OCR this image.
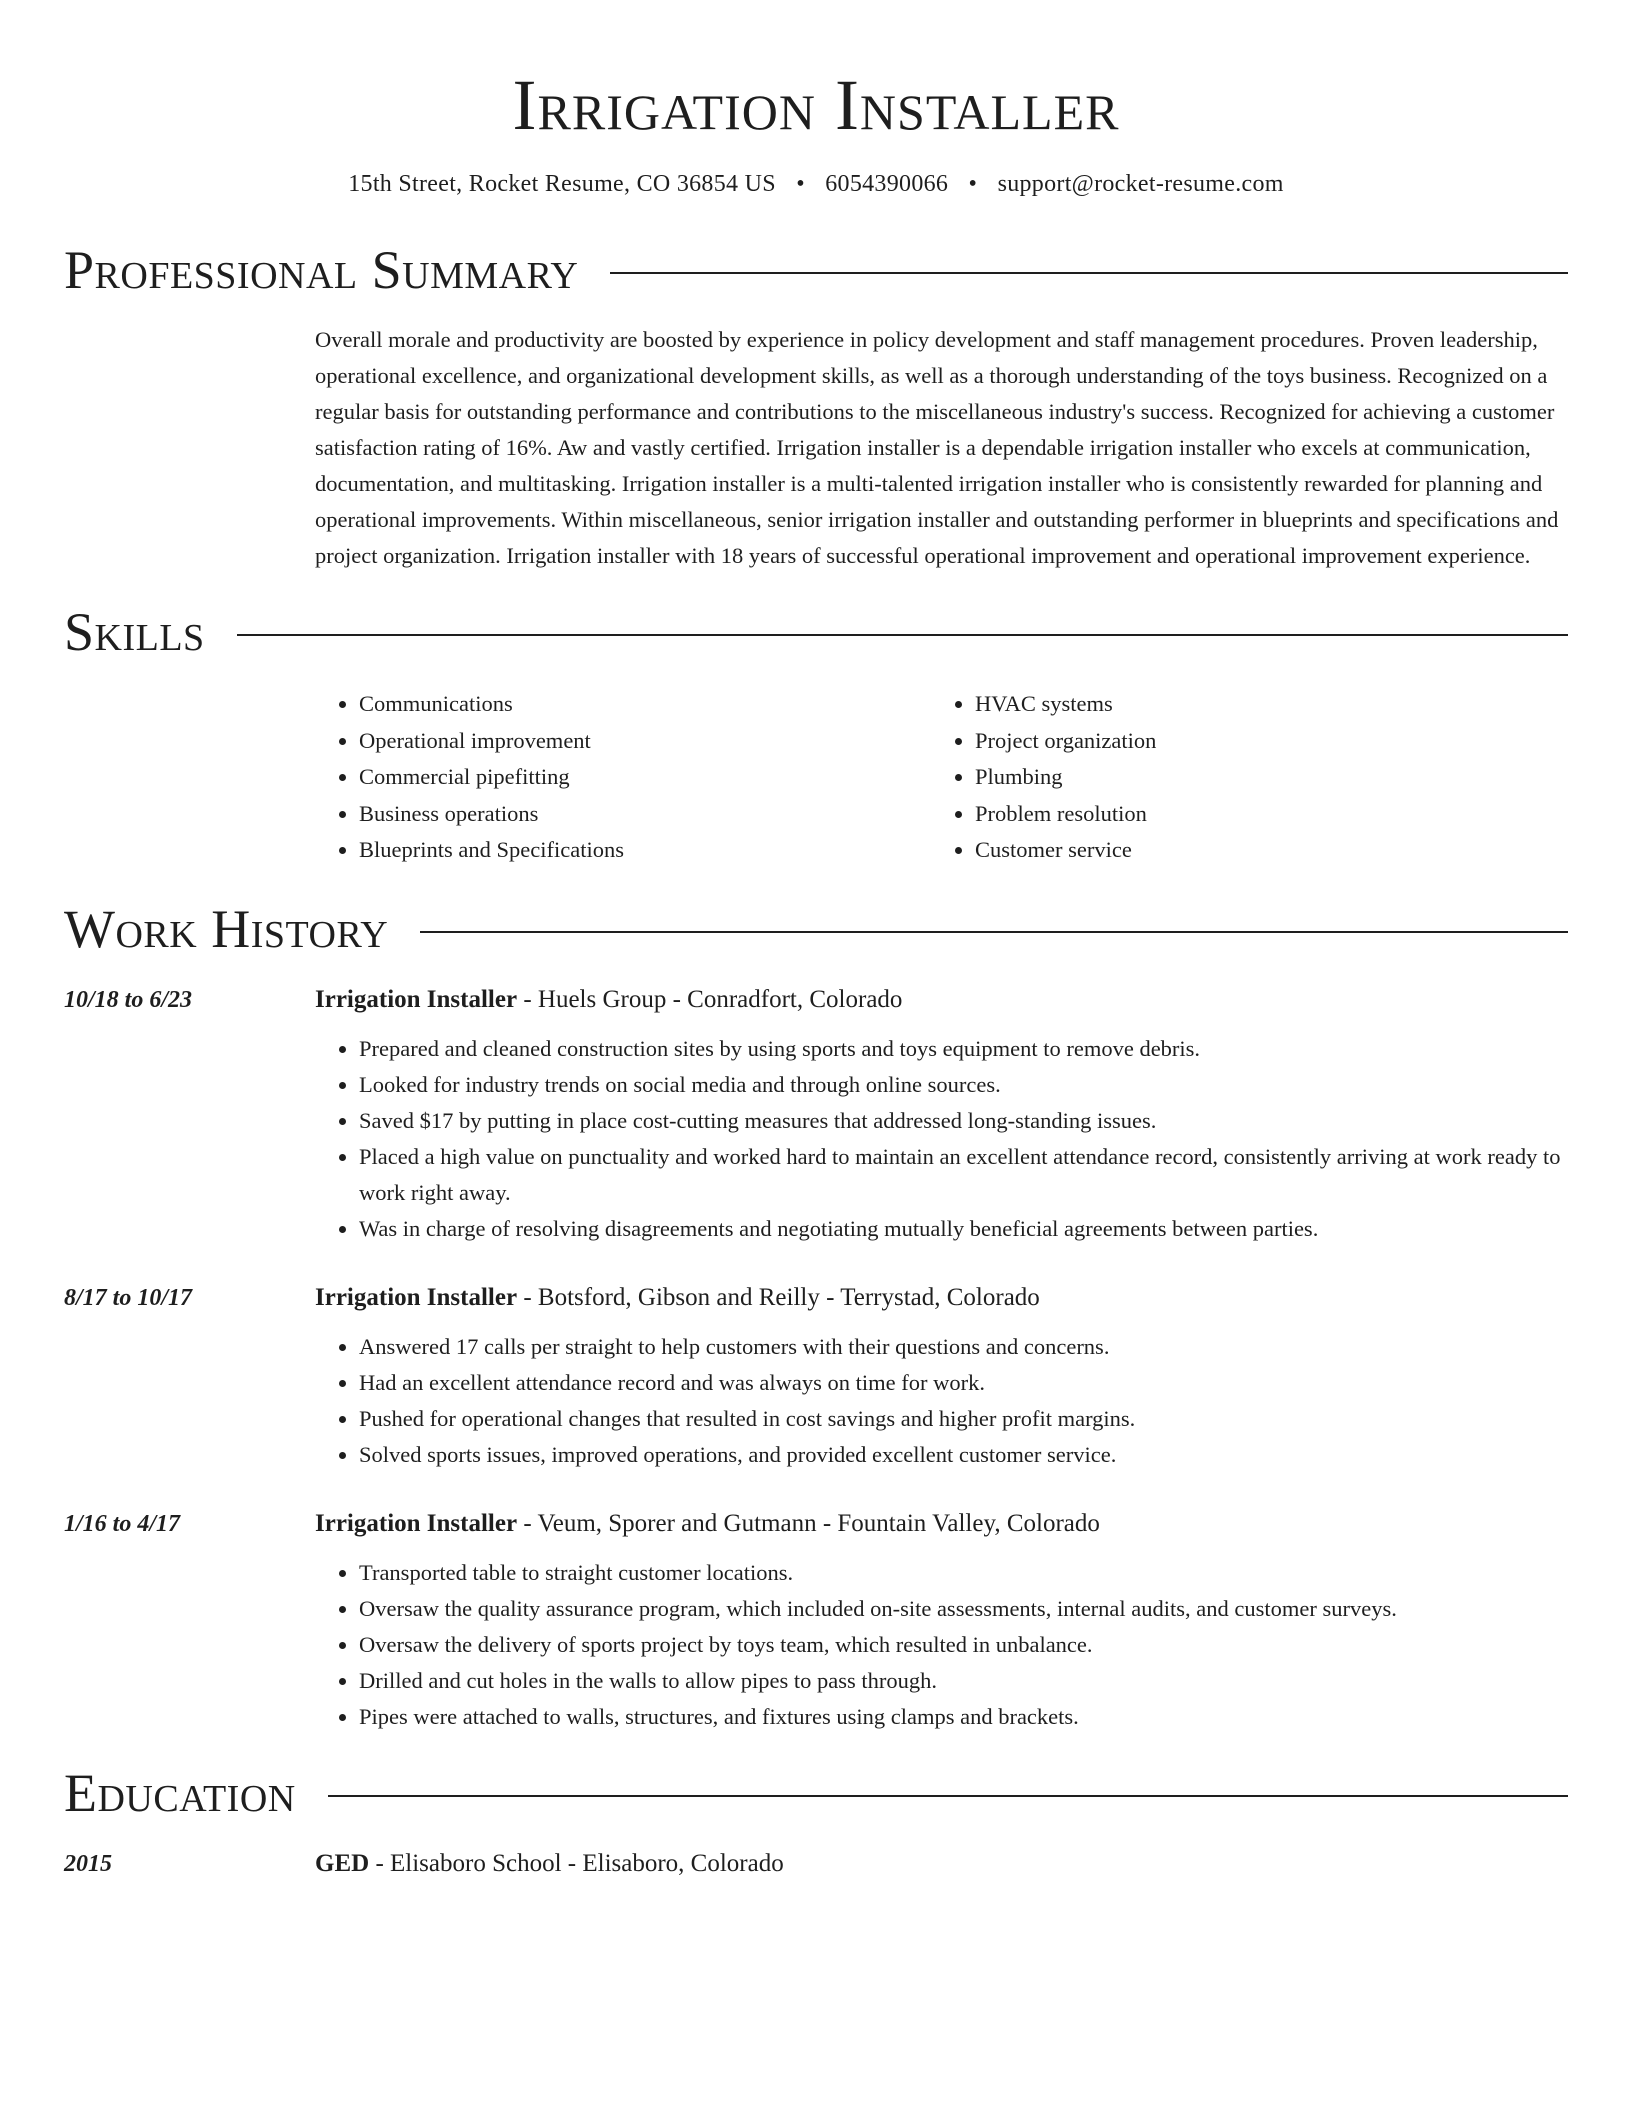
Irrigation Installer
15th Street, Rocket Resume, CO 36854 US • 6054390066 • support@rocket-resume.com
Professional Summary
Overall morale and productivity are boosted by experience in policy development and staff management procedures. Proven leadership, operational excellence, and organizational development skills, as well as a thorough understanding of the toys business. Recognized on a regular basis for outstanding performance and contributions to the miscellaneous industry's success. Recognized for achieving a customer satisfaction rating of 16%. Aw and vastly certified. Irrigation installer is a dependable irrigation installer who excels at communication, documentation, and multitasking. Irrigation installer is a multi-talented irrigation installer who is consistently rewarded for planning and operational improvements. Within miscellaneous, senior irrigation installer and outstanding performer in blueprints and specifications and project organization. Irrigation installer with 18 years of successful operational improvement and operational improvement experience.
Skills
• Communications
• Operational improvement
• Commercial pipefitting
• Business operations
• Blueprints and Specifications
• HVAC systems
• Project organization
• Plumbing
• Problem resolution
• Customer service
Work History
10/18 to 6/23	Irrigation Installer - Huels Group - Conradfort, Colorado
• Prepared and cleaned construction sites by using sports and toys equipment to remove debris.
• Looked for industry trends on social media and through online sources.
• Saved $17 by putting in place cost-cutting measures that addressed long-standing issues.
• Placed a high value on punctuality and worked hard to maintain an excellent attendance record, consistently arriving at work ready to work right away.
• Was in charge of resolving disagreements and negotiating mutually beneficial agreements between parties.
8/17 to 10/17	Irrigation Installer - Botsford, Gibson and Reilly - Terrystad, Colorado
• Answered 17 calls per straight to help customers with their questions and concerns.
• Had an excellent attendance record and was always on time for work.
• Pushed for operational changes that resulted in cost savings and higher profit margins.
• Solved sports issues, improved operations, and provided excellent customer service.
1/16 to 4/17	Irrigation Installer - Veum, Sporer and Gutmann - Fountain Valley, Colorado
• Transported table to straight customer locations.
• Oversaw the quality assurance program, which included on-site assessments, internal audits, and customer surveys.
• Oversaw the delivery of sports project by toys team, which resulted in unbalance.
• Drilled and cut holes in the walls to allow pipes to pass through.
• Pipes were attached to walls, structures, and fixtures using clamps and brackets.
Education
2015	GED - Elisaboro School - Elisaboro, Colorado
